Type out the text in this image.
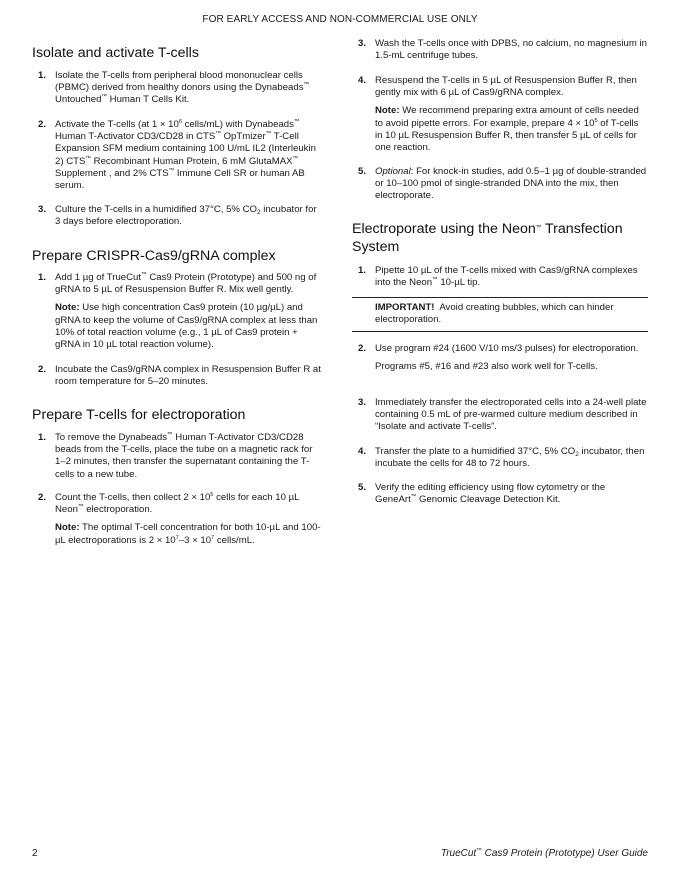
FOR EARLY ACCESS AND NON-COMMERCIAL USE ONLY
Isolate and activate T-cells
1. Isolate the T-cells from peripheral blood mononuclear cells (PBMC) derived from healthy donors using the Dynabeads™ Untouched™ Human T Cells Kit.

2. Activate the T-cells (at $1 \times 10^6$ cells/mL) with Dynabeads™ Human T-Activator CD3/CD28 in CTS™ OpTmizer™ T-Cell Expansion SFM medium containing 100 U/mL IL2 (Interleukin 2) CTS™ Recombinant Human Protein, 6 mM GlutaMAX™ Supplement , and 2% CTS™ Immune Cell SR or human AB serum.

3. Culture the T-cells in a humidified 37°C, 5% $CO_2$ incubator for 3 days before electroporation.

Prepare CRISPR-Cas9/gRNA complex
1. Add 1 µg of TrueCut™ Cas9 Protein (Prototype) and 500 ng of gRNA to 5 µL of Resuspension Buffer R. Mix well gently.

Note: Use high concentration Cas9 protein (10 µg/µL) and gRNA to keep the volume of Cas9/gRNA complex at less than 10% of total reaction volume (e.g., 1 µL of Cas9 protein + gRNA in 10 µL total reaction volume).

2. Incubate the Cas9/gRNA complex in Resuspension Buffer R at room temperature for 5–20 minutes.

Prepare T-cells for electroporation
1. To remove the Dynabeads™ Human T-Activator CD3/CD28 beads from the T-cells, place the tube on a magnetic rack for 1–2 minutes, then transfer the supernatant containing the T-cells to a new tube.

2. Count the T-cells, then collect $2 \times 10^5$ cells for each 10 µL Neon™ electroporation.

Note: The optimal T-cell concentration for both 10-µL and 100-µL electroporations is $2 \times 10^7-3 \times 10^7$ cells/mL.

3. Wash the T-cells once with DPBS, no calcium, no magnesium in 1.5-mL centrifuge tubes.

4. Resuspend the T-cells in 5 µL of Resuspension Buffer R, then gently mix with 6 µL of Cas9/gRNA complex.

Note: We recommend preparing extra amount of cells needed to avoid pipette errors. For example, prepare $4 \times 10^5$ of T-cells in 10 µL Resuspension Buffer R, then transfer 5 µL of cells for one reaction.

5. Optional: For knock-in studies, add 0.5–1 µg of double-stranded or 10–100 pmol of single-stranded DNA into the mix, then electroporate.

Electroporate using the Neon™ Transfection System
1. Pipette 10 µL of the T-cells mixed with Cas9/gRNA complexes into the Neon™ 10-µL tip.

IMPORTANT! Avoid creating bubbles, which can hinder electroporation.
2. Use program #24 (1600 V/10 ms/3 pulses) for electroporation.

Programs #5, #16 and #23 also work well for T-cells.

3. Immediately transfer the electroporated cells into a 24-well plate containing 0.5 mL of pre-warmed culture medium described in “Isolate and activate T-cells”.

4. Transfer the plate to a humidified 37°C, 5% $CO_2$ incubator, then incubate the cells for 48 to 72 hours.

5. Verify the editing efficiency using flow cytometry or the GeneArt™ Genomic Cleavage Detection Kit.

2	TrueCut™ Cas9 Protein (Prototype) User Guide
